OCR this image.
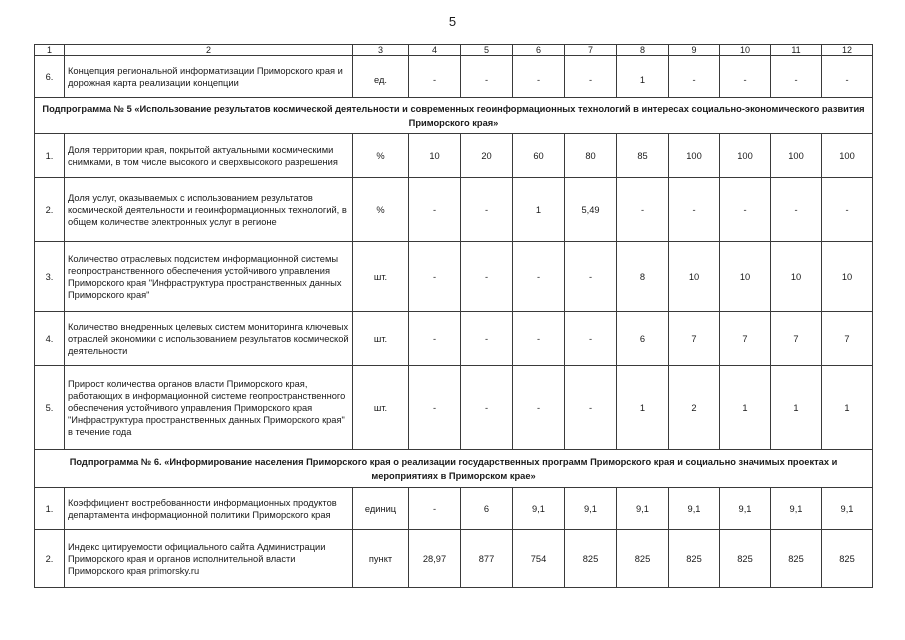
5
1	2	3	4	5	6	7	8	9	10	11	12
6.	Концепция региональной информатизации Приморского края и дорожная карта реализации концепции	ед.	-	-	-	-	1	-	-	-	-
Подпрограмма № 5 «Использование результатов космической деятельности и современных геоинформационных технологий в интересах социально-экономического развития Приморского края»											
1.	Доля территории края, покрытой актуальными космическими снимками, в том числе высокого и сверхвысокого разрешения	%	10	20	60	80	85	100	100	100	100
2.	Доля услуг, оказываемых с использованием результатов космической деятельности и геоинформационных технологий, в общем количестве электронных услуг в регионе	%	-	-	1	5,49	-	-	-	-	-
3.	Количество отраслевых подсистем информационной системы геопространственного обеспечения устойчивого управления Приморского края "Инфраструктура пространственных данных Приморского края"	шт.	-	-	-	-	8	10	10	10	10
4.	Количество внедренных целевых систем мониторинга ключевых отраслей экономики с использованием результатов космической деятельности	шт.	-	-	-	-	6	7	7	7	7
5.	Прирост количества органов власти Приморского края, работающих в информационной системе геопространственного обеспечения устойчивого управления Приморского края "Инфраструктура пространственных данных Приморского края" в течение года	шт.	-	-	-	-	1	2	1	1	1
Подпрограмма № 6. «Информирование населения Приморского края о реализации государственных программ Приморского края и социально значимых проектах и мероприятиях в Приморском крае»											
1.	Коэффициент востребованности информационных продуктов департамента информационной политики Приморского края	единиц	-	6	9,1	9,1	9,1	9,1	9,1	9,1	9,1
2.	Индекс цитируемости официального сайта Администрации Приморского края и органов исполнительной власти Приморского края primorsky.ru	пункт	28,97	877	754	825	825	825	825	825	825
